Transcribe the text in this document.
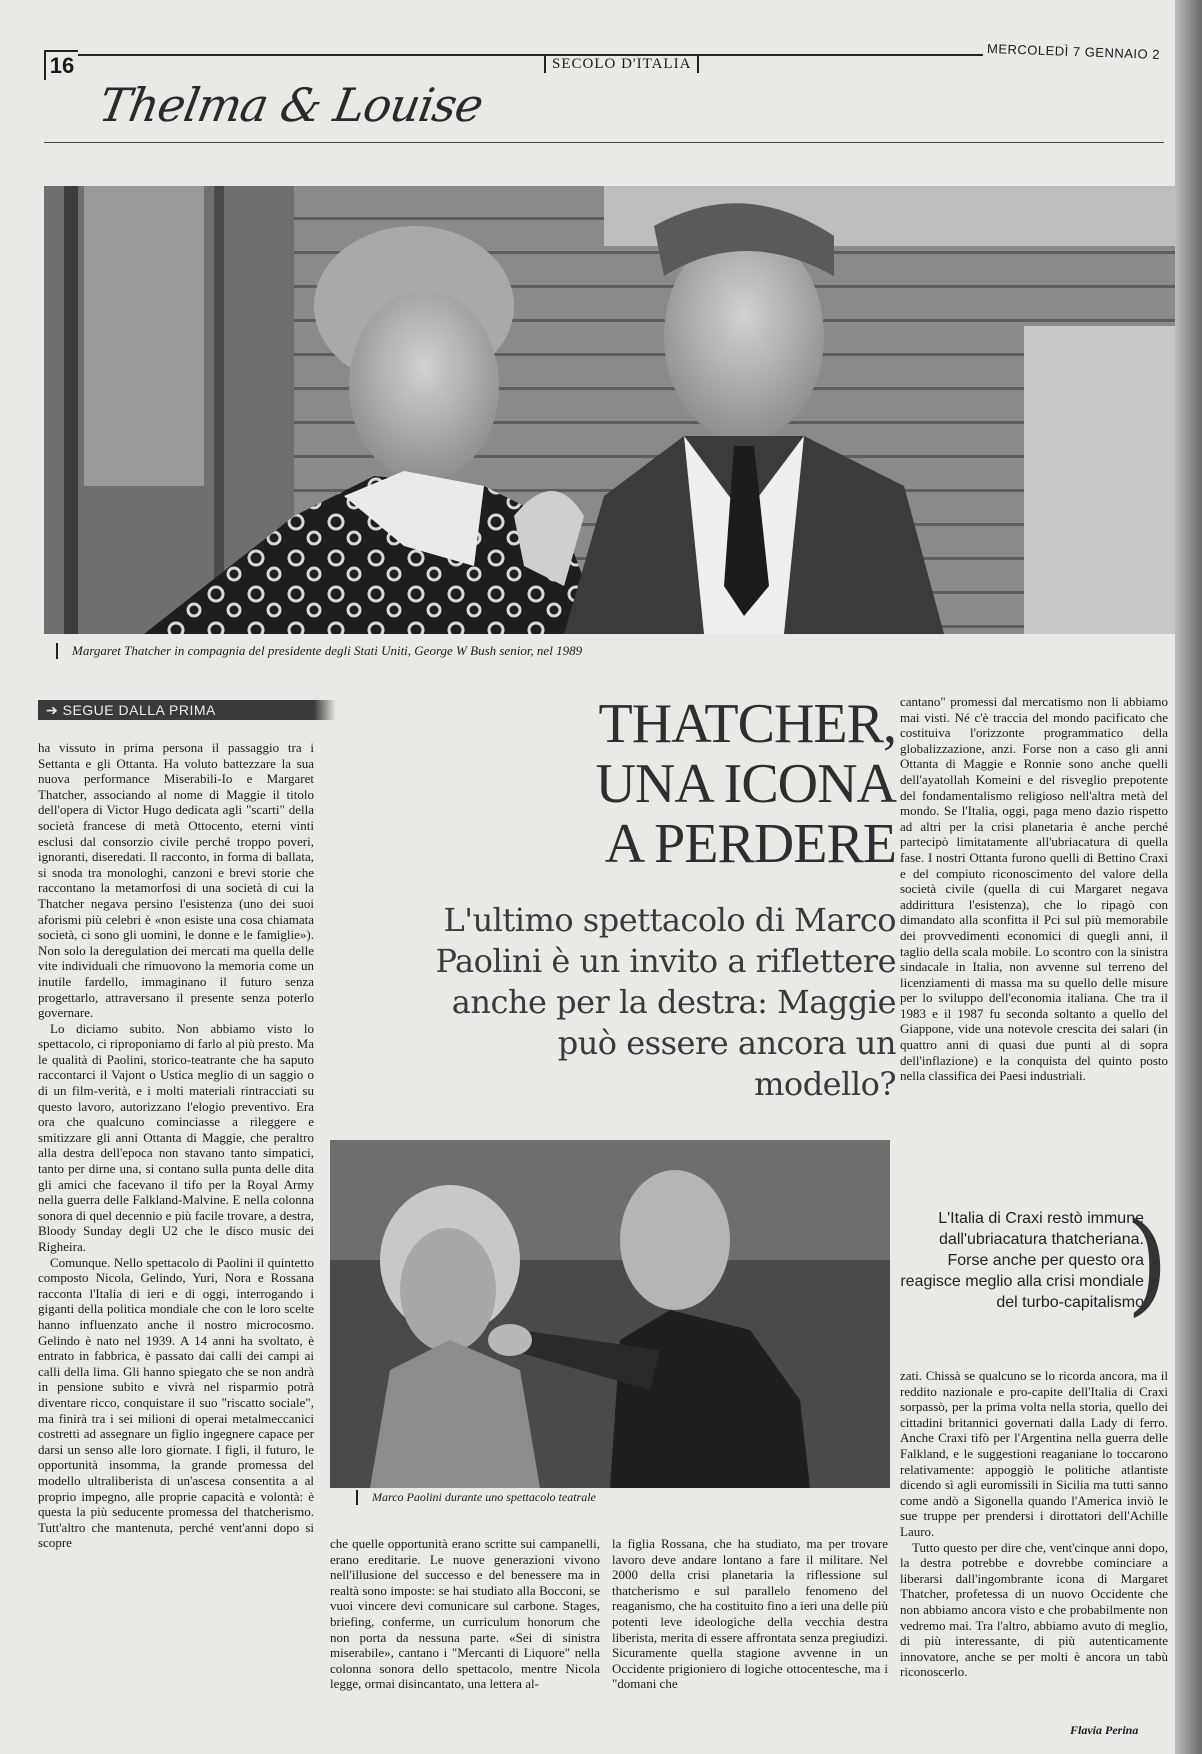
16	SECOLO D'ITALIA
MERCOLEDÌ 7 GENNAIO 2
Thelma & Louise
Margaret Thatcher in compagnia del presidente degli Stati Uniti, George W Bush senior, nel 1989
➔ SEGUE DALLA PRIMA

ha vissuto in prima persona il passaggio tra i Settanta e gli Ottanta. Ha voluto battezzare la sua nuova performance Miserabili-Io e Margaret Thatcher, associando al nome di Maggie il titolo dell'opera di Victor Hugo dedicata agli "scarti" della società francese di metà Ottocento, eterni vinti esclusi dal consorzio civile perché troppo poveri, ignoranti, diseredati. Il racconto, in forma di ballata, si snoda tra monologhi, canzoni e brevi storie che raccontano la metamorfosi di una società di cui la Thatcher negava persino l'esistenza (uno dei suoi aforismi più celebri è «non esiste una cosa chiamata società, ci sono gli uomini, le donne e le famiglie»). Non solo la deregulation dei mercati ma quella delle vite individuali che rimuovono la memoria come un inutile fardello, immaginano il futuro senza progettarlo, attraversano il presente senza poterlo governare.

Lo diciamo subito. Non abbiamo visto lo spettacolo, ci riproponiamo di farlo al più presto. Ma le qualità di Paolini, storico-teatrante che ha saputo raccontarci il Vajont o Ustica meglio di un saggio o di un film-verità, e i molti materiali rintracciati su questo lavoro, autorizzano l'elogio preventivo. Era ora che qualcuno cominciasse a rileggere e smitizzare gli anni Ottanta di Maggie, che peraltro alla destra dell'epoca non stavano tanto simpatici, tanto per dirne una, si contano sulla punta delle dita gli amici che facevano il tifo per la Royal Army nella guerra delle Falkland-Malvine. E nella colonna sonora di quel decennio e più facile trovare, a destra, Bloody Sunday degli U2 che le disco music dei Righeira.

Comunque. Nello spettacolo di Paolini il quintetto composto Nicola, Gelindo, Yuri, Nora e Rossana racconta l'Italia di ieri e di oggi, interrogando i giganti della politica mondiale che con le loro scelte hanno influenzato anche il nostro microcosmo. Gelindo è nato nel 1939. A 14 anni ha svoltato, è entrato in fabbrica, è passato dai calli dei campi ai calli della lima. Gli hanno spiegato che se non andrà in pensione subito e vivrà nel risparmio potrà diventare ricco, conquistare il suo "riscatto sociale", ma finirà tra i sei milioni di operai metalmeccanici costretti ad assegnare un figlio ingegnere capace per darsi un senso alle loro giornate. I figli, il futuro, le opportunità insomma, la grande promessa del modello ultraliberista di un'ascesa consentita a al proprio impegno, alle proprie capacità e volontà: è questa la più seducente promessa del thatcherismo. Tutt'altro che mantenuta, perché vent'anni dopo si scopre

THATCHER,
UNA ICONA
A PERDERE
L'ultimo spettacolo di Marco Paolini è un invito a riflettere anche per la destra: Maggie può essere ancora un modello?
Marco Paolini durante uno spettacolo teatrale

che quelle opportunità erano scritte sui campanelli, erano ereditarie. Le nuove generazioni vivono nell'illusione del successo e del benessere ma in realtà sono imposte: se hai studiato alla Bocconi, se vuoi vincere devi comunicare sul carbone. Stages, briefing, conferme, un curriculum honorum che non porta da nessuna parte. «Sei di sinistra miserabile», cantano i "Mercanti di Liquore" nella colonna sonora dello spettacolo, mentre Nicola legge, ormai disincantato, una lettera al-

la figlia Rossana, che ha studiato, ma per trovare lavoro deve andare lontano a fare il militare. Nel 2000 della crisi planetaria la riflessione sul thatcherismo e sul parallelo fenomeno del reaganismo, che ha costituito fino a ieri una delle più potenti leve ideologiche della vecchia destra liberista, merita di essere affrontata senza pregiudizi. Sicuramente quella stagione avvenne in un Occidente prigioniero di logiche ottocentesche, ma i "domani che

cantano" promessi dal mercatismo non li abbiamo mai visti. Né c'è traccia del mondo pacificato che costituiva l'orizzonte programmatico della globalizzazione, anzi. Forse non a caso gli anni Ottanta di Maggie e Ronnie sono anche quelli dell'ayatollah Komeini e del risveglio prepotente del fondamentalismo religioso nell'altra metà del mondo. Se l'Italia, oggi, paga meno dazio rispetto ad altri per la crisi planetaria è anche perché partecipò limitatamente all'ubriacatura di quella fase. I nostri Ottanta furono quelli di Bettino Craxi e del compiuto riconoscimento del valore della società civile (quella di cui Margaret negava addirittura l'esistenza), che lo ripagò con dimandato alla sconfitta il Pci sul più memorabile dei provvedimenti economici di quegli anni, il taglio della scala mobile. Lo scontro con la sinistra sindacale in Italia, non avvenne sul terreno del licenziamenti di massa ma su quello delle misure per lo sviluppo dell'economia italiana. Che tra il 1983 e il 1987 fu seconda soltanto a quello del Giappone, vide una notevole crescita dei salari (in quattro anni di quasi due punti al di sopra dell'inflazione) e la conquista del quinto posto nella classifica dei Paesi industriali.

L'Italia di Craxi restò immune dall'ubriacatura thatcheriana. Forse anche per questo ora reagisce meglio alla crisi mondiale del turbo-capitalismo
)

zati. Chissà se qualcuno se lo ricorda ancora, ma il reddito nazionale e pro-capite dell'Italia di Craxi sorpassò, per la prima volta nella storia, quello dei cittadini britannici governati dalla Lady di ferro. Anche Craxi tifò per l'Argentina nella guerra delle Falkland, e le suggestioni reaganiane lo toccarono relativamente: appoggiò le politiche atlantiste dicendo sì agli euromissili in Sicilia ma tutti sanno come andò a Sigonella quando l'America inviò le sue truppe per prendersi i dirottatori dell'Achille Lauro.

Tutto questo per dire che, vent'cinque anni dopo, la destra potrebbe e dovrebbe cominciare a liberarsi dall'ingombrante icona di Margaret Thatcher, profetessa di un nuovo Occidente che non abbiamo ancora visto e che probabilmente non vedremo mai. Tra l'altro, abbiamo avuto di meglio, di più interessante, di più autenticamente innovatore, anche se per molti è ancora un tabù riconoscerlo.

Flavia Perina
